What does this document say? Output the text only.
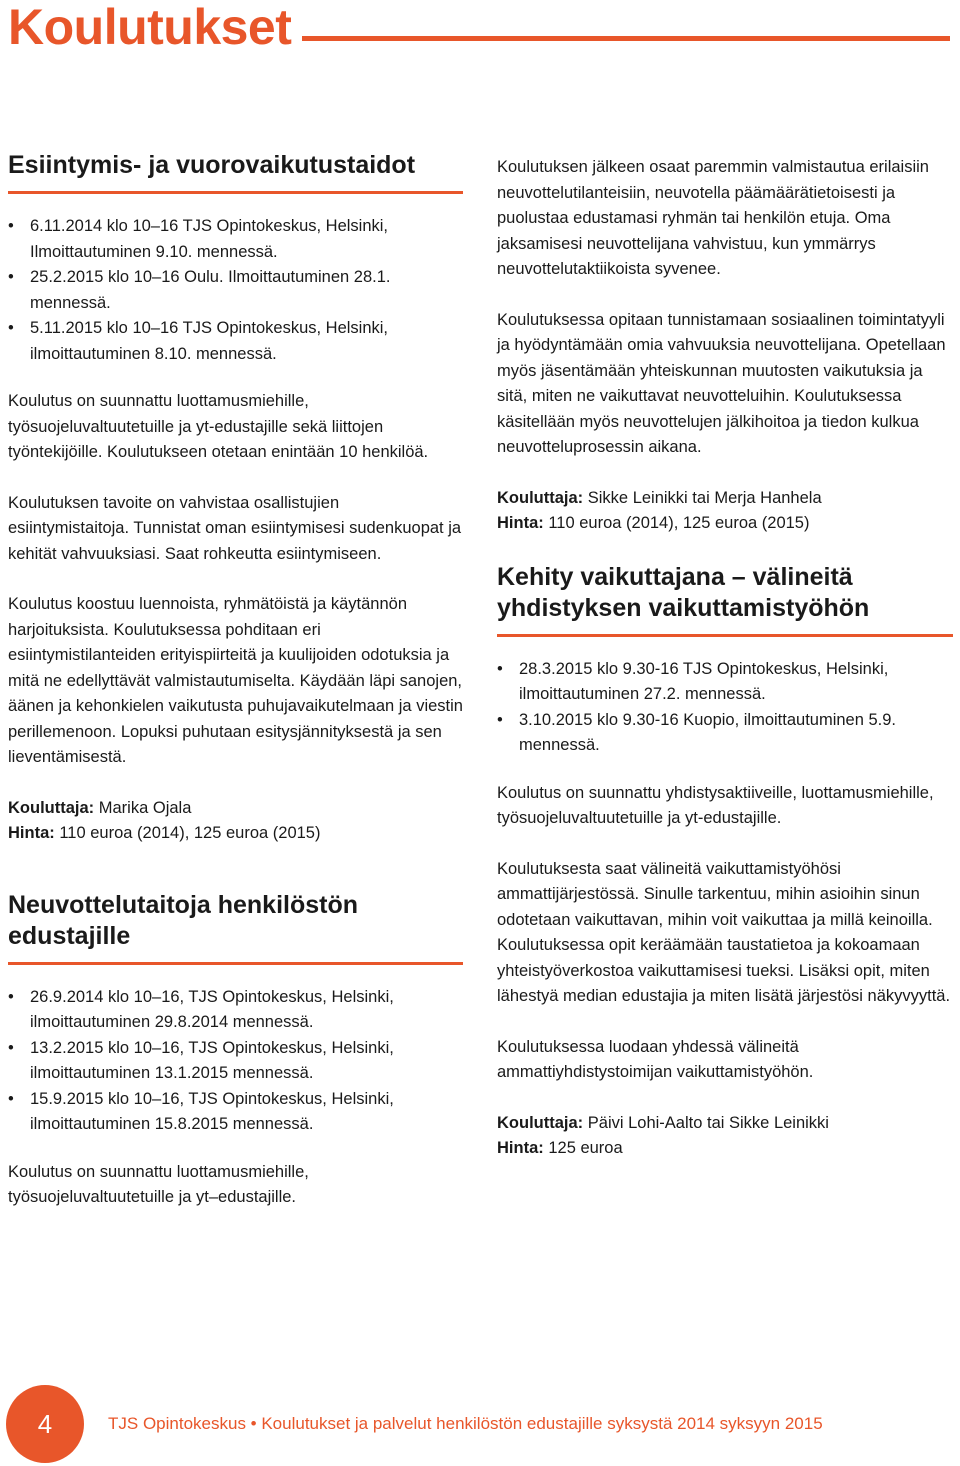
Koulutukset
Esiintymis- ja vuorovaikutustaidot
• 6.11.2014 klo 10–16 TJS Opintokeskus, Helsinki, Ilmoittautuminen 9.10. mennessä.
• 25.2.2015 klo 10–16 Oulu. Ilmoittautuminen 28.1. mennessä.
• 5.11.2015 klo 10–16 TJS Opintokeskus, Helsinki, ilmoittautuminen 8.10. mennessä.

Koulutus on suunnattu luottamusmiehille, työsuojeluvaltuutetuille ja yt-edustajille sekä liittojen työntekijöille. Koulutukseen otetaan enintään 10 henkilöä.

Koulutuksen tavoite on vahvistaa osallistujien esiintymistaitoja. Tunnistat oman esiintymisesi sudenkuopat ja kehität vahvuuksiasi. Saat rohkeutta esiintymiseen.

Koulutus koostuu luennoista, ryhmätöistä ja käytännön harjoituksista. Koulutuksessa pohditaan eri esiintymistilanteiden erityispiirteitä ja kuulijoiden odotuksia ja mitä ne edellyttävät valmistautumiselta. Käydään läpi sanojen, äänen ja kehonkielen vaikutusta puhujavaikutelmaan ja viestin perillemenoon. Lopuksi puhutaan esitysjännityksestä ja sen lieventämisestä.

Kouluttaja: Marika Ojala
Hinta: 110 euroa (2014), 125 euroa (2015)
Neuvottelutaitoja henkilöstön edustajille
• 26.9.2014 klo 10–16, TJS Opintokeskus, Helsinki, ilmoittautuminen 29.8.2014 mennessä.
• 13.2.2015 klo 10–16, TJS Opintokeskus, Helsinki, ilmoittautuminen 13.1.2015 mennessä.
• 15.9.2015 klo 10–16, TJS Opintokeskus, Helsinki, ilmoittautuminen 15.8.2015 mennessä.

Koulutus on suunnattu luottamusmiehille, työsuojeluvaltuutetuille ja yt–edustajille.

Koulutuksen jälkeen osaat paremmin valmistautua erilaisiin neuvottelutilanteisiin, neuvotella päämäärätietoisesti ja puolustaa edustamasi ryhmän tai henkilön etuja. Oma jaksamisesi neuvottelijana vahvistuu, kun ymmärrys neuvottelutaktiikoista syvenee.

Koulutuksessa opitaan tunnistamaan sosiaalinen toimintatyyli ja hyödyntämään omia vahvuuksia neuvottelijana. Opetellaan myös jäsentämään yhteiskunnan muutosten vaikutuksia ja sitä, miten ne vaikuttavat neuvotteluihin. Koulutuksessa käsitellään myös neuvottelujen jälkihoitoa ja tiedon kulkua neuvotteluprosessin aikana.

Kouluttaja: Sikke Leinikki tai Merja Hanhela
Hinta: 110 euroa (2014), 125 euroa (2015)
Kehity vaikuttajana – välineitä yhdistyksen vaikuttamistyöhön
• 28.3.2015 klo 9.30-16 TJS Opintokeskus, Helsinki, ilmoittautuminen 27.2. mennessä.
• 3.10.2015 klo 9.30-16 Kuopio, ilmoittautuminen 5.9. mennessä.

Koulutus on suunnattu yhdistysaktiiveille, luottamusmiehille, työsuojeluvaltuutetuille ja yt-edustajille.

Koulutuksesta saat välineitä vaikuttamistyöhösi ammattijärjestössä. Sinulle tarkentuu, mihin asioihin sinun odotetaan vaikuttavan, mihin voit vaikuttaa ja millä keinoilla. Koulutuksessa opit keräämään taustatietoa ja kokoamaan yhteistyöverkostoa vaikuttamisesi tueksi. Lisäksi opit, miten lähestyä median edustajia ja miten lisätä järjestösi näkyvyyttä.

Koulutuksessa luodaan yhdessä välineitä ammattiyhdistystoimijan vaikuttamistyöhön.

Kouluttaja: Päivi Lohi-Aalto tai Sikke Leinikki
Hinta: 125 euroa
4	TJS Opintokeskus • Koulutukset ja palvelut henkilöstön edustajille syksystä 2014 syksyyn 2015
